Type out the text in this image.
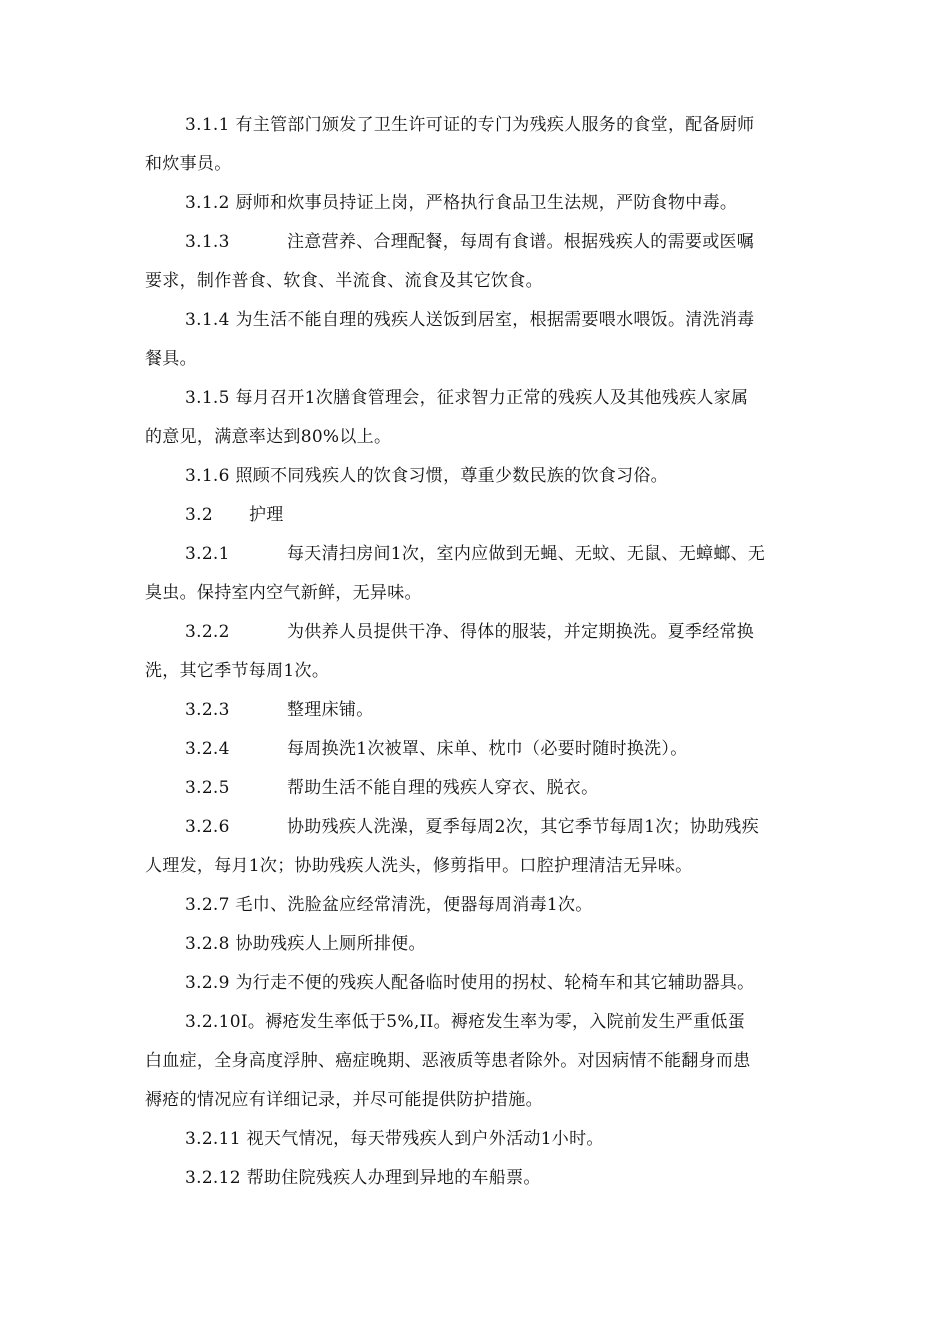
3.1.1 有主管部门颁发了卫生许可证的专门为残疾人服务的食堂，配备厨师
和炊事员。

3.1.2 厨师和炊事员持证上岗，严格执行食品卫生法规，严防食物中毒。

3.1.3	注意营养、合理配餐，每周有食谱。根据残疾人的需要或医嘱
要求，制作普食、软食、半流食、流食及其它饮食。

3.1.4 为生活不能自理的残疾人送饭到居室，根据需要喂水喂饭。清洗消毒
餐具。

3.1.5 每月召开1次膳食管理会，征求智力正常的残疾人及其他残疾人家属
的意见，满意率达到80%以上。

3.1.6 照顾不同残疾人的饮食习惯，尊重少数民族的饮食习俗。

3.2 护理

3.2.1	每天清扫房间1次，室内应做到无蝇、无蚊、无鼠、无蟑螂、无
臭虫。保持室内空气新鲜，无异味。

3.2.2	为供养人员提供干净、得体的服装，并定期换洗。夏季经常换
洗，其它季节每周1次。

3.2.3	整理床铺。

3.2.4	每周换洗1次被罩、床单、枕巾（必要时随时换洗）。

3.2.5	帮助生活不能自理的残疾人穿衣、脱衣。

3.2.6	协助残疾人洗澡，夏季每周2次，其它季节每周1次；协助残疾
人理发，每月1次；协助残疾人洗头，修剪指甲。口腔护理清洁无异味。

3.2.7 毛巾、洗脸盆应经常清洗，便器每周消毒1次。

3.2.8 协助残疾人上厕所排便。

3.2.9 为行走不便的残疾人配备临时使用的拐杖、轮椅车和其它辅助器具。

3.2.10I。褥疮发生率低于5%,II。褥疮发生率为零，入院前发生严重低蛋
白血症，全身高度浮肿、癌症晚期、恶液质等患者除外。对因病情不能翻身而患
褥疮的情况应有详细记录，并尽可能提供防护措施。

3.2.11 视天气情况，每天带残疾人到户外活动1小时。

3.2.12 帮助住院残疾人办理到异地的车船票。
